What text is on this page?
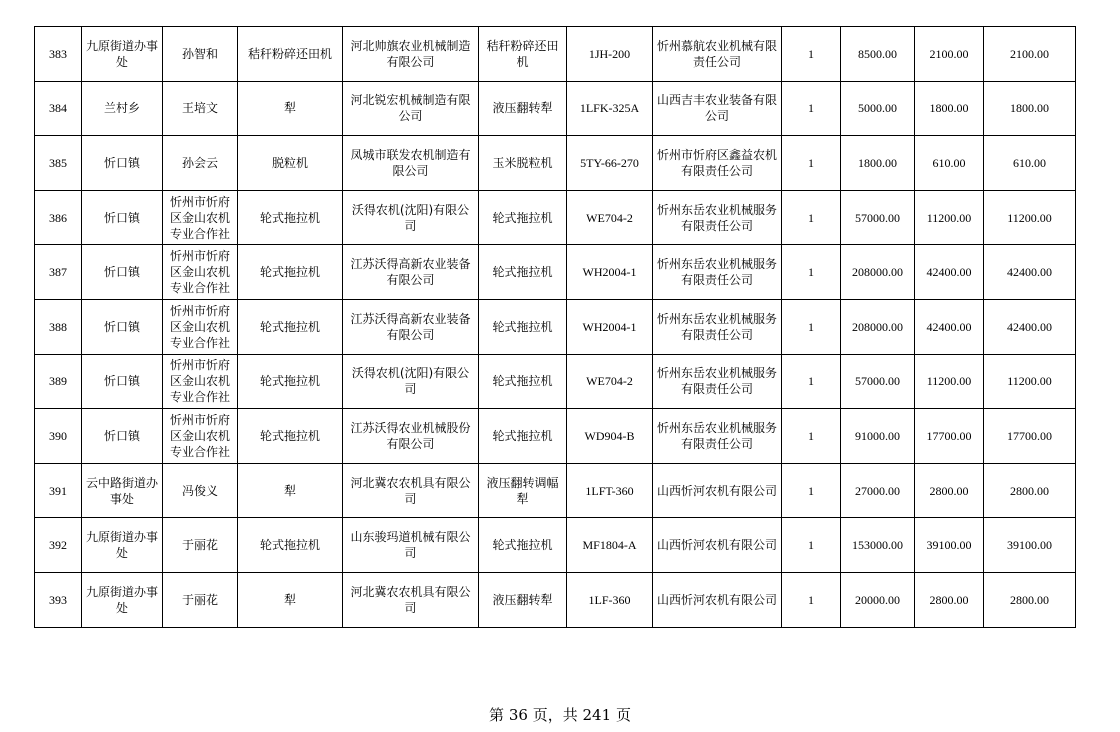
383	九原街道办事处	孙智和	秸秆粉碎还田机	河北帅旗农业机械制造有限公司	秸秆粉碎还田机	1JH-200	忻州慕航农业机械有限责任公司	1	8500.00	2100.00	2100.00
384	兰村乡	王培文	犁	河北锐宏机械制造有限公司	液压翻转犁	1LFK-325A	山西吉丰农业装备有限公司	1	5000.00	1800.00	1800.00
385	忻口镇	孙会云	脱粒机	凤城市联发农机制造有限公司	玉米脱粒机	5TY-66-270	忻州市忻府区鑫益农机有限责任公司	1	1800.00	610.00	610.00
386	忻口镇	忻州市忻府区金山农机专业合作社	轮式拖拉机	沃得农机(沈阳)有限公司	轮式拖拉机	WE704-2	忻州东岳农业机械服务有限责任公司	1	57000.00	11200.00	11200.00
387	忻口镇	忻州市忻府区金山农机专业合作社	轮式拖拉机	江苏沃得高新农业装备有限公司	轮式拖拉机	WH2004-1	忻州东岳农业机械服务有限责任公司	1	208000.00	42400.00	42400.00
388	忻口镇	忻州市忻府区金山农机专业合作社	轮式拖拉机	江苏沃得高新农业装备有限公司	轮式拖拉机	WH2004-1	忻州东岳农业机械服务有限责任公司	1	208000.00	42400.00	42400.00
389	忻口镇	忻州市忻府区金山农机专业合作社	轮式拖拉机	沃得农机(沈阳)有限公司	轮式拖拉机	WE704-2	忻州东岳农业机械服务有限责任公司	1	57000.00	11200.00	11200.00
390	忻口镇	忻州市忻府区金山农机专业合作社	轮式拖拉机	江苏沃得农业机械股份有限公司	轮式拖拉机	WD904-B	忻州东岳农业机械服务有限责任公司	1	91000.00	17700.00	17700.00
391	云中路街道办事处	冯俊义	犁	河北冀农农机具有限公司	液压翻转调幅犁	1LFT-360	山西忻河农机有限公司	1	27000.00	2800.00	2800.00
392	九原街道办事处	于丽花	轮式拖拉机	山东骏玛道机械有限公司	轮式拖拉机	MF1804-A	山西忻河农机有限公司	1	153000.00	39100.00	39100.00
393	九原街道办事处	于丽花	犁	河北冀农农机具有限公司	液压翻转犁	1LF-360	山西忻河农机有限公司	1	20000.00	2800.00	2800.00
第 36 页，共 241 页
